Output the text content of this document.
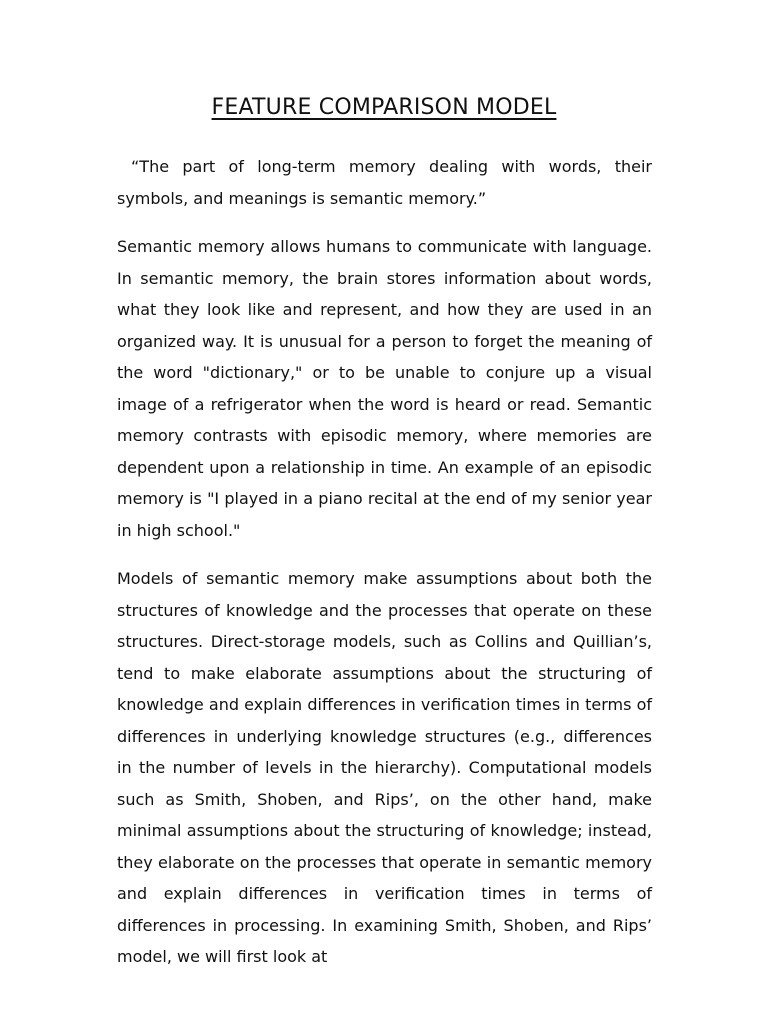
FEATURE COMPARISON MODEL

“The part of long-term memory dealing with words, their symbols, and meanings is semantic memory.”

Semantic memory allows humans to communicate with language. In semantic memory, the brain stores information about words, what they look like and represent, and how they are used in an organized way. It is unusual for a person to forget the meaning of the word "dictionary," or to be unable to conjure up a visual image of a refrigerator when the word is heard or read. Semantic memory contrasts with episodic memory, where memories are dependent upon a relationship in time. An example of an episodic memory is "I played in a piano recital at the end of my senior year in high school."

Models of semantic memory make assumptions about both the structures of knowledge and the processes that operate on these structures. Direct-storage models, such as Collins and Quillian’s, tend to make elaborate assumptions about the structuring of knowledge and explain differences in verification times in terms of differences in underlying knowledge structures (e.g., differences in the number of levels in the hierarchy). Computational models such as Smith, Shoben, and Rips’, on the other hand, make minimal assumptions about the structuring of knowledge; instead, they elaborate on the processes that operate in semantic memory and explain differences in verification times in terms of differences in processing. In examining Smith, Shoben, and Rips’ model, we will first look at
